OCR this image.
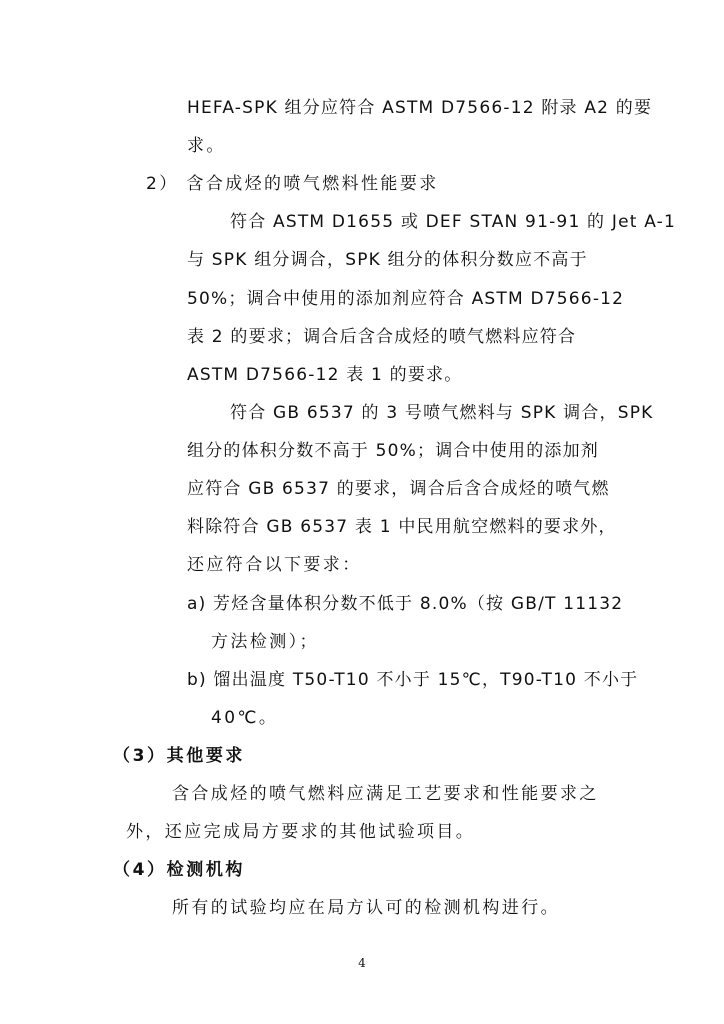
HEFA-SPK 组分应符合 ASTM D7566-12 附录 A2 的要
求。
2） 含合成烃的喷气燃料性能要求
符合 ASTM D1655 或 DEF STAN 91-91 的 Jet A-1
与 SPK 组分调合，SPK 组分的体积分数应不高于
50%；调合中使用的添加剂应符合 ASTM D7566-12
表 2 的要求；调合后含合成烃的喷气燃料应符合
ASTM D7566-12 表 1 的要求。
符合 GB 6537 的 3 号喷气燃料与 SPK 调合，SPK
组分的体积分数不高于 50%；调合中使用的添加剂
应符合 GB 6537 的要求，调合后含合成烃的喷气燃
料除符合 GB 6537 表 1 中民用航空燃料的要求外，
还应符合以下要求：
a) 芳烃含量体积分数不低于 8.0%（按 GB/T 11132
方法检测）；
b) 馏出温度 T50-T10 不小于 15℃，T90-T10 不小于
40℃。
（3）其他要求
含合成烃的喷气燃料应满足工艺要求和性能要求之
外，还应完成局方要求的其他试验项目。
（4）检测机构
所有的试验均应在局方认可的检测机构进行。
4
